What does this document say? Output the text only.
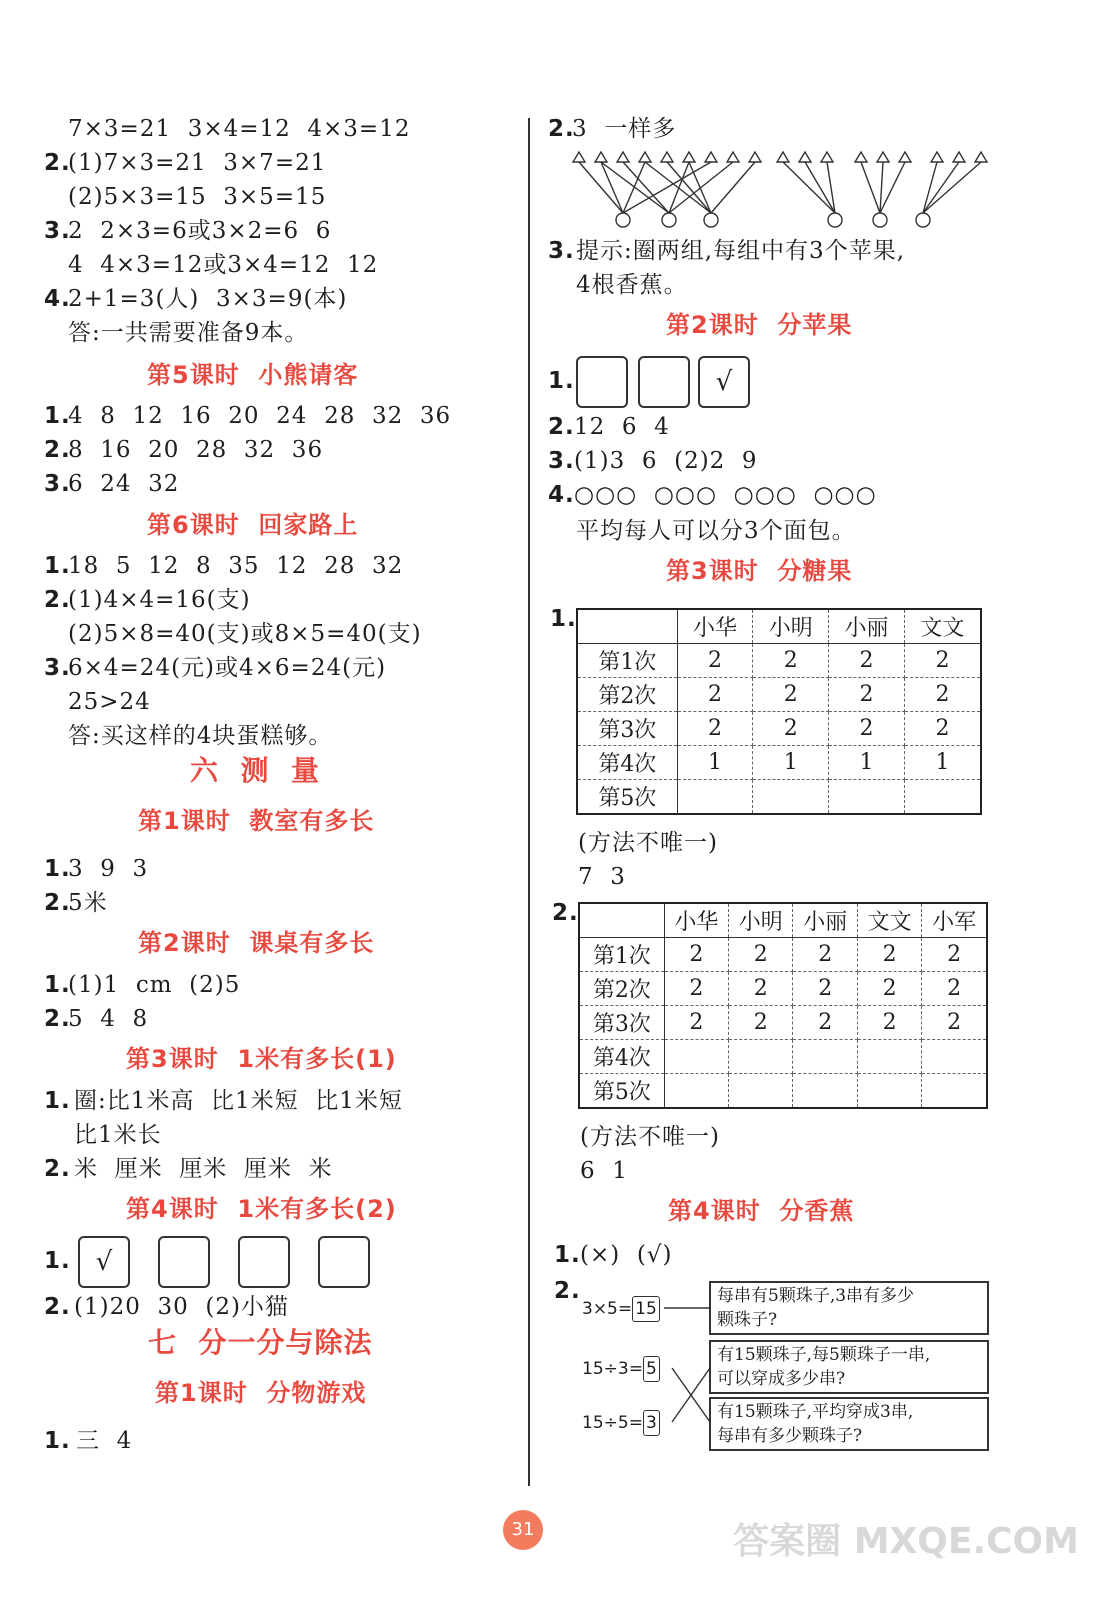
7×3=21  3×4=12  4×3=12
2.
(1)7×3=21  3×7=21
(2)5×3=15  3×5=15
3.
2  2×3=6或3×2=6  6
4  4×3=12或3×4=12  12
4.
2+1=3(人)  3×3=9(本)
答:一共需要准备9本。
第5课时  小熊请客
1.
4  8  12  16  20  24  28  32  36
2.
8  16  20  28  32  36
3.
6  24  32
第6课时  回家路上
1.
18  5  12  8  35  12  28  32
2.
(1)4×4=16(支)
(2)5×8=40(支)或8×5=40(支)
3.
6×4=24(元)或4×6=24(元)
25>24
答:买这样的4块蛋糕够。
六  测  量
第1课时  教室有多长
1.
3  9  3
2.
5米
第2课时  课桌有多长
1.
(1)1  cm  (2)5
2.
5  4  8
第3课时  1米有多长(1)
1. 圈:比1米高  比1米短  比1米短
比1米长
2. 米  厘米  厘米  厘米  米
第4课时  1米有多长(2)
1. √
2. (1)20  30  (2)小猫
七  分一分与除法
第1课时  分物游戏
1. 三  4
2.
3  一样多
3. 提示:圈两组,每组中有3个苹果,
4根香蕉。
第2课时  分苹果
1.	√
2. 12  6  4
3. (1)3  6  (2)2  9
4. ○○○  ○○○  ○○○  ○○○
平均每人可以分3个面包。
第3课时  分糖果
1.
		小华	小明	小丽	文文
第1次	2	2	2	2
第2次	2	2	2	2
第3次	2	2	2	2
第4次	1	1	1	1
第5次				
(方法不唯一)
7  3
2.
		小华	小明	小丽	文文	小军
第1次	2	2	2	2	2
第2次	2	2	2	2	2
第3次	2	2	2	2	2
第4次					
第5次					
(方法不唯一)
6  1
第4课时  分香蕉
1. (×)  (√)
2.
3×5= 15
15÷3= 5
15÷5= 3
每串有5颗珠子,3串有多少
颗珠子?
有15颗珠子,每5颗珠子一串,
可以穿成多少串?
有15颗珠子,平均穿成3串,
每串有多少颗珠子?
31	答案圈 MXQE.COM
